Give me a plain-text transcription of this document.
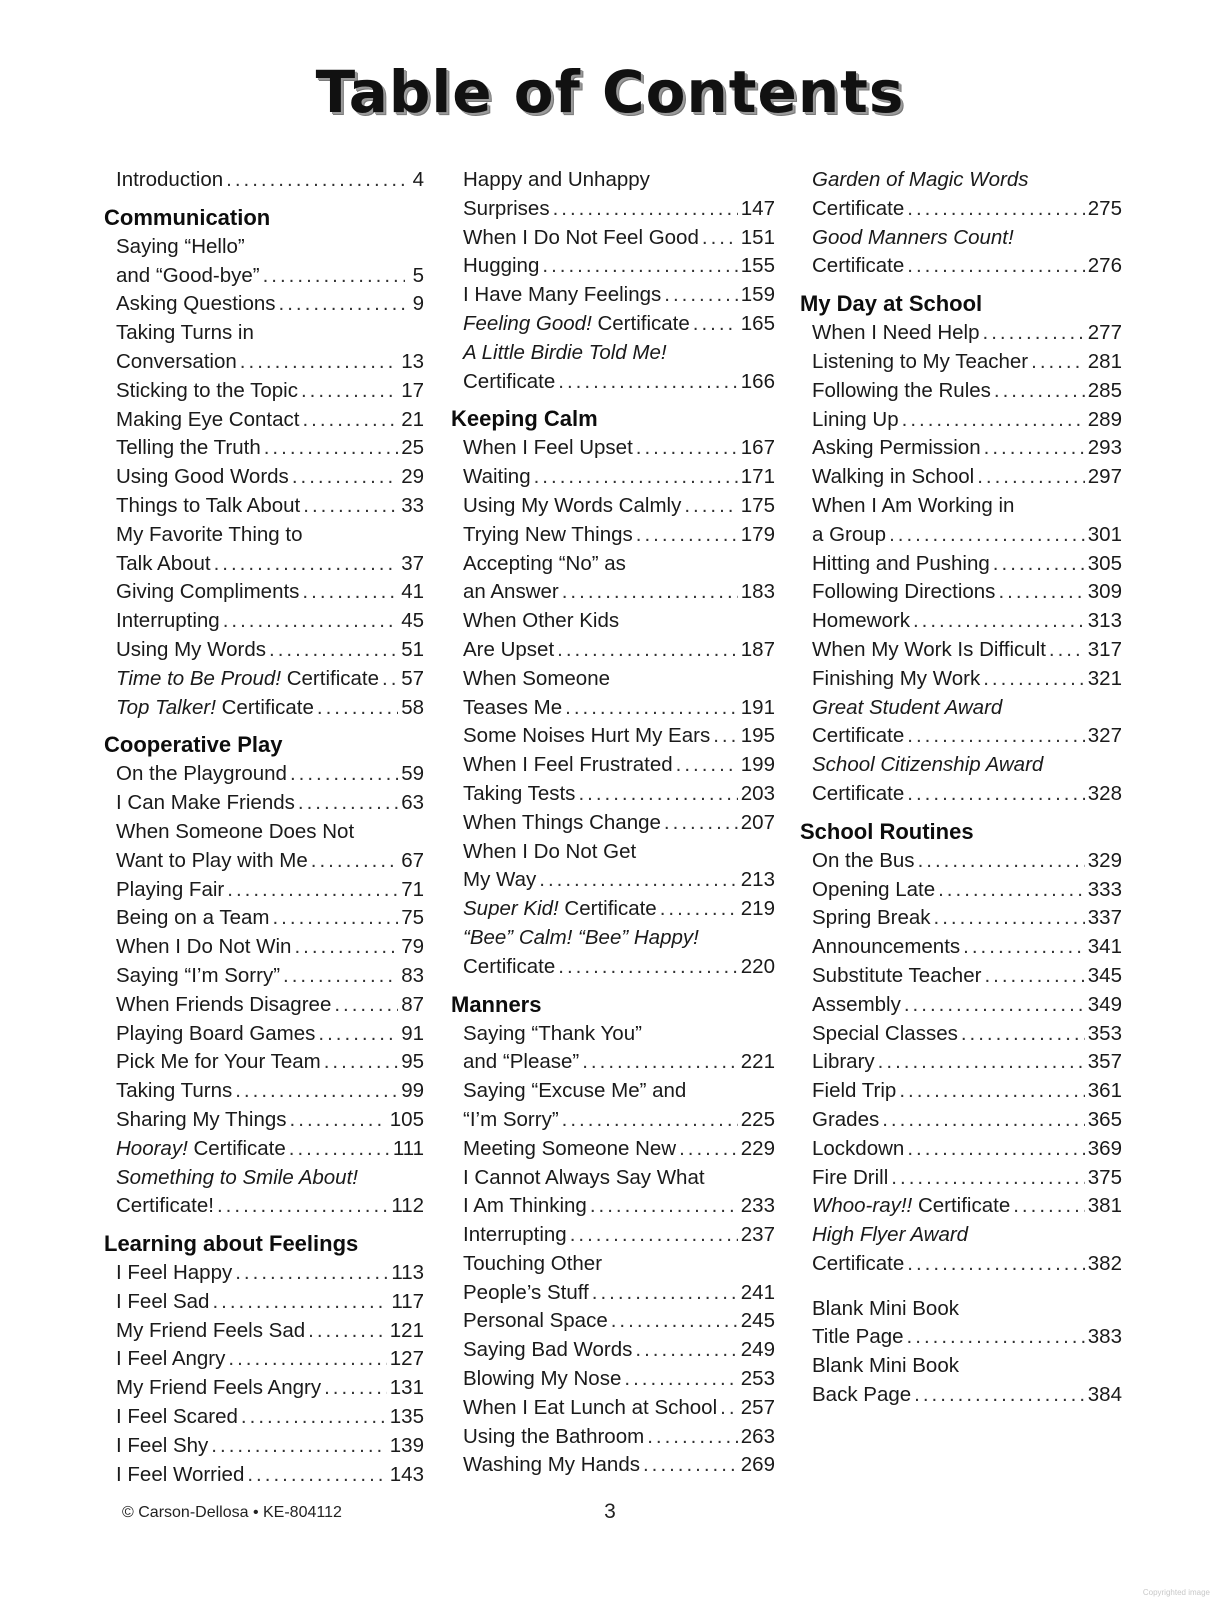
Table of Contents
Introduction .....	4
Communication
Saying “Hello”
and “Good-bye” .....	5
Asking Questions .....	9
Taking Turns in
Conversation .....	13
Sticking to the Topic .....	17
Making Eye Contact .....	21
Telling the Truth .....	25
Using Good Words .....	29
Things to Talk About .....	33
My Favorite Thing to
Talk About .....	37
Giving Compliments .....	41
Interrupting .....	45
Using My Words .....	51
Time to Be Proud! Certificate ..... 57
Top Talker! Certificate .....	58
Cooperative Play
On the Playground .....	59
I Can Make Friends .....	63
When Someone Does Not
Want to Play with Me .....	67
Playing Fair .....	71
Being on a Team .....	75
When I Do Not Win .....	79
Saying “I’m Sorry” .....	83
When Friends Disagree .....	87
Playing Board Games .....	91
Pick Me for Your Team .....	95
Taking Turns .....	99
Sharing My Things .....	105
Hooray! Certificate .....	111
Something to Smile About!
Certificate! .....	112
Learning about Feelings
I Feel Happy .....	113
I Feel Sad .....	117
My Friend Feels Sad .....	121
I Feel Angry .....	127
My Friend Feels Angry .....	131
I Feel Scared .....	135
I Feel Shy .....	139
I Feel Worried .....	143
Happy and Unhappy
Surprises .....	147
When I Do Not Feel Good ..... 151
Hugging .....	155
I Have Many Feelings .....	159
Feeling Good! Certificate ..... 165
A Little Birdie Told Me!
Certificate .....	166
Keeping Calm
When I Feel Upset .....	167
Waiting .....	171
Using My Words Calmly .....	175
Trying New Things .....	179
Accepting “No” as
an Answer .....	183
When Other Kids
Are Upset .....	187
When Someone
Teases Me .....	191
Some Noises Hurt My Ears ..... 195
When I Feel Frustrated .....	199
Taking Tests .....	203
When Things Change .....	207
When I Do Not Get
My Way .....	213
Super Kid! Certificate .....	219
“Bee” Calm! “Bee” Happy!
Certificate .....	220
Manners
Saying “Thank You”
and “Please” .....	221
Saying “Excuse Me” and
“I’m Sorry” .....	225
Meeting Someone New .....	229
I Cannot Always Say What
I Am Thinking .....	233
Interrupting .....	237
Touching Other
People’s Stuff .....	241
Personal Space .....	245
Saying Bad Words .....	249
Blowing My Nose .....	253
When I Eat Lunch at School ..... 257
Using the Bathroom .....	263
Washing My Hands .....	269
Garden of Magic Words
Certificate .....	275
Good Manners Count!
Certificate .....	276
My Day at School
When I Need Help .....	277
Listening to My Teacher .....	281
Following the Rules .....	285
Lining Up .....	289
Asking Permission .....	293
Walking in School .....	297
When I Am Working in
a Group .....	301
Hitting and Pushing .....	305
Following Directions .....	309
Homework .....	313
When My Work Is Difficult ..... 317
Finishing My Work .....	321
Great Student Award
Certificate .....	327
School Citizenship Award
Certificate .....	328
School Routines
On the Bus .....	329
Opening Late .....	333
Spring Break .....	337
Announcements .....	341
Substitute Teacher .....	345
Assembly .....	349
Special Classes .....	353
Library .....	357
Field Trip .....	361
Grades .....	365
Lockdown .....	369
Fire Drill .....	375
Whoo-ray!! Certificate .....	381
High Flyer Award
Certificate .....	382
Blank Mini Book
Title Page .....	383
Blank Mini Book
Back Page .....	384
© Carson-Dellosa • KE-804112	3
Copyrighted image
